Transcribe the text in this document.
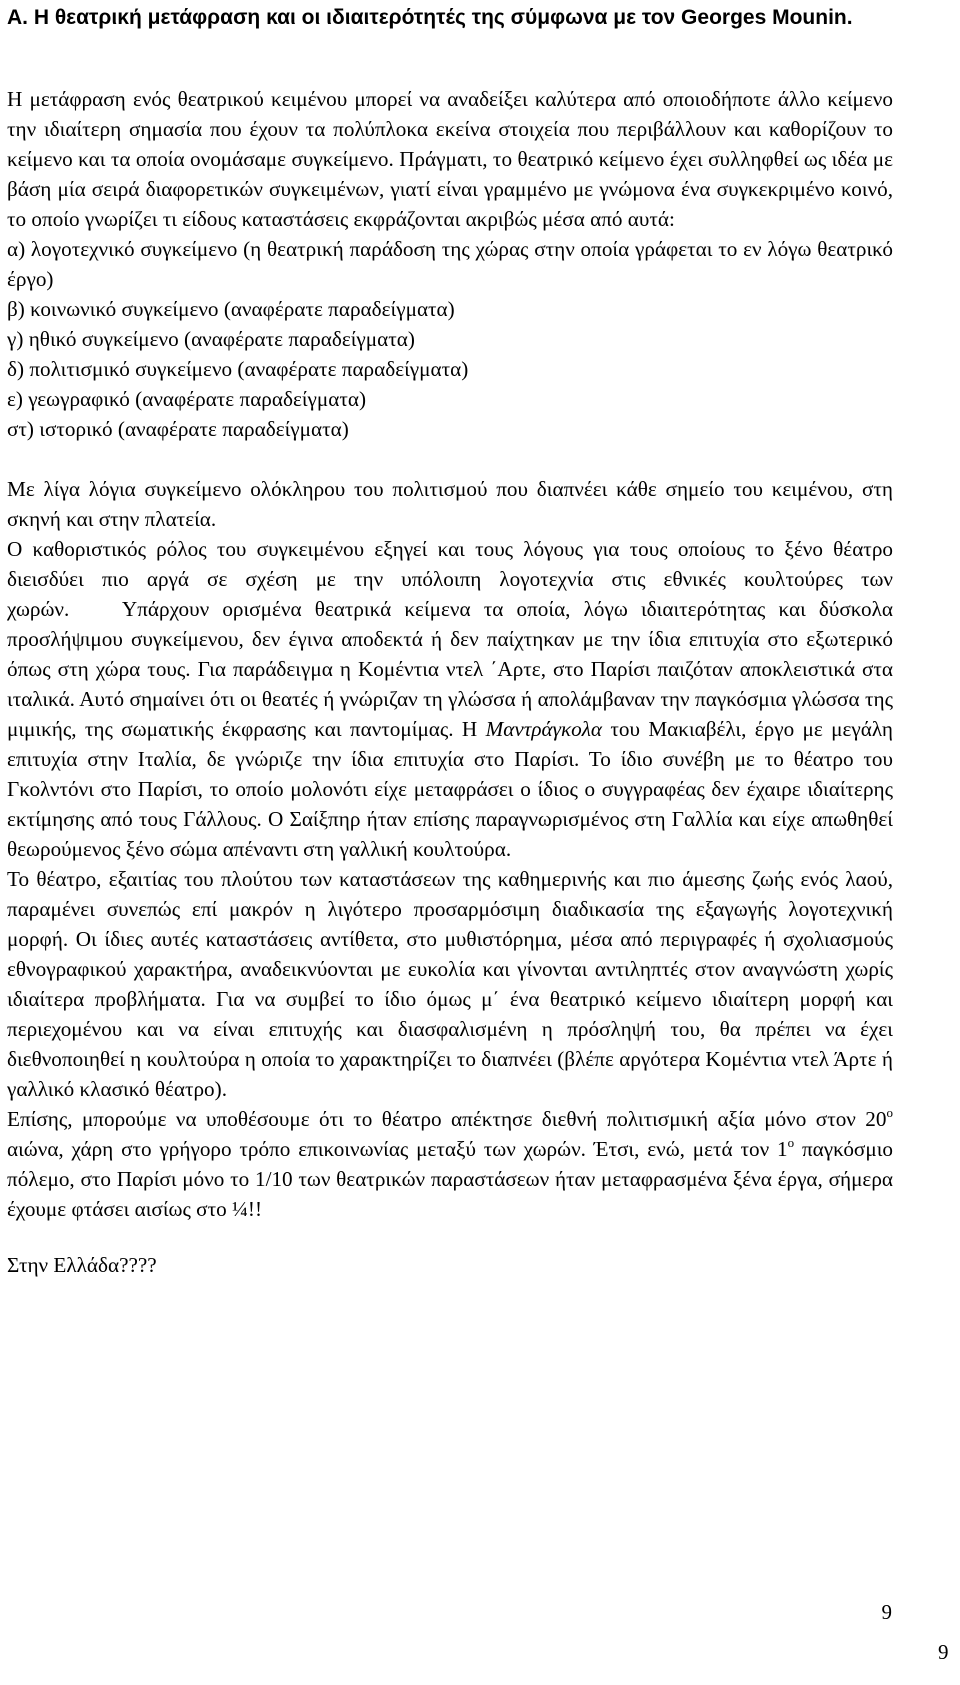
Α. Η θεατρική μετάφραση και οι ιδιαιτερότητές της σύμφωνα με τον Georges Mounin.

Η μετάφραση ενός θεατρικού κειμένου μπορεί να αναδείξει καλύτερα από οποιοδήποτε άλλο κείμενο την ιδιαίτερη σημασία που έχουν τα πολύπλοκα εκείνα στοιχεία που περιβάλλουν και καθορίζουν το κείμενο και τα οποία ονομάσαμε συγκείμενο. Πράγματι, το θεατρικό κείμενο έχει συλληφθεί ως ιδέα με βάση μία σειρά διαφορετικών συγκειμένων, γιατί είναι γραμμένο με γνώμονα ένα συγκεκριμένο κοινό, το οποίο γνωρίζει τι είδους καταστάσεις εκφράζονται ακριβώς μέσα από αυτά:

α) λογοτεχνικό συγκείμενο (η θεατρική παράδοση της χώρας στην οποία γράφεται το εν λόγω θεατρικό έργο)

β) κοινωνικό συγκείμενο (αναφέρατε παραδείγματα)

γ) ηθικό συγκείμενο (αναφέρατε παραδείγματα)

δ) πολιτισμικό συγκείμενο (αναφέρατε παραδείγματα)

ε) γεωγραφικό (αναφέρατε παραδείγματα)

στ) ιστορικό (αναφέρατε παραδείγματα)

Με λίγα λόγια συγκείμενο ολόκληρου του πολιτισμού που διαπνέει κάθε σημείο του κειμένου, στη σκηνή και στην πλατεία.

Ο καθοριστικός ρόλος του συγκειμένου εξηγεί και τους λόγους για τους οποίους το ξένο θέατρο διεισδύει πιο αργά σε σχέση με την υπόλοιπη λογοτεχνία στις εθνικές κουλτούρες των χωρών. Υπάρχουν ορισμένα θεατρικά κείμενα τα οποία, λόγω ιδιαιτερότητας και δύσκολα προσλήψιμου συγκείμενου, δεν έγινα αποδεκτά ή δεν παίχτηκαν με την ίδια επιτυχία στο εξωτερικό όπως στη χώρα τους. Για παράδειγμα η Κομέντια ντελ ΄Αρτε, στο Παρίσι παιζόταν αποκλειστικά στα ιταλικά. Αυτό σημαίνει ότι οι θεατές ή γνώριζαν τη γλώσσα ή απολάμβαναν την παγκόσμια γλώσσα της μιμικής, της σωματικής έκφρασης και παντομίμας. Η Μαντράγκολα του Μακιαβέλι, έργο με μεγάλη επιτυχία στην Ιταλία, δε γνώριζε την ίδια επιτυχία στο Παρίσι. Το ίδιο συνέβη με το θέατρο του Γκολντόνι στο Παρίσι, το οποίο μολονότι είχε μεταφράσει ο ίδιος ο συγγραφέας δεν έχαιρε ιδιαίτερης εκτίμησης από τους Γάλλους. Ο Σαίξπηρ ήταν επίσης παραγνωρισμένος στη Γαλλία και είχε απωθηθεί θεωρούμενος ξένο σώμα απέναντι στη γαλλική κουλτούρα.

Το θέατρο, εξαιτίας του πλούτου των καταστάσεων της καθημερινής και πιο άμεσης ζωής ενός λαού, παραμένει συνεπώς επί μακρόν η λιγότερο προσαρμόσιμη διαδικασία της εξαγωγής λογοτεχνική μορφή. Οι ίδιες αυτές καταστάσεις αντίθετα, στο μυθιστόρημα, μέσα από περιγραφές ή σχολιασμούς εθνογραφικού χαρακτήρα, αναδεικνύονται με ευκολία και γίνονται αντιληπτές στον αναγνώστη χωρίς ιδιαίτερα προβλήματα. Για να συμβεί το ίδιο όμως μ΄ ένα θεατρικό κείμενο ιδιαίτερη μορφή και περιεχομένου και να είναι επιτυχής και διασφαλισμένη η πρόσληψή του, θα πρέπει να έχει διεθνοποιηθεί η κουλτούρα η οποία το χαρακτηρίζει το διαπνέει (βλέπε αργότερα Κομέντια ντελ Άρτε ή γαλλικό κλασικό θέατρο).

Επίσης, μπορούμε να υποθέσουμε ότι το θέατρο απέκτησε διεθνή πολιτισμική αξία μόνο στον $20^o$ αιώνα, χάρη στο γρήγορο τρόπο επικοινωνίας μεταξύ των χωρών. Έτσι, ενώ, μετά τον $1^o$ παγκόσμιο πόλεμο, στο Παρίσι μόνο το 1/10 των θεατρικών παραστάσεων ήταν μεταφρασμένα ξένα έργα, σήμερα έχουμε φτάσει αισίως στο ¼!!

Στην Ελλάδα????

9
9
